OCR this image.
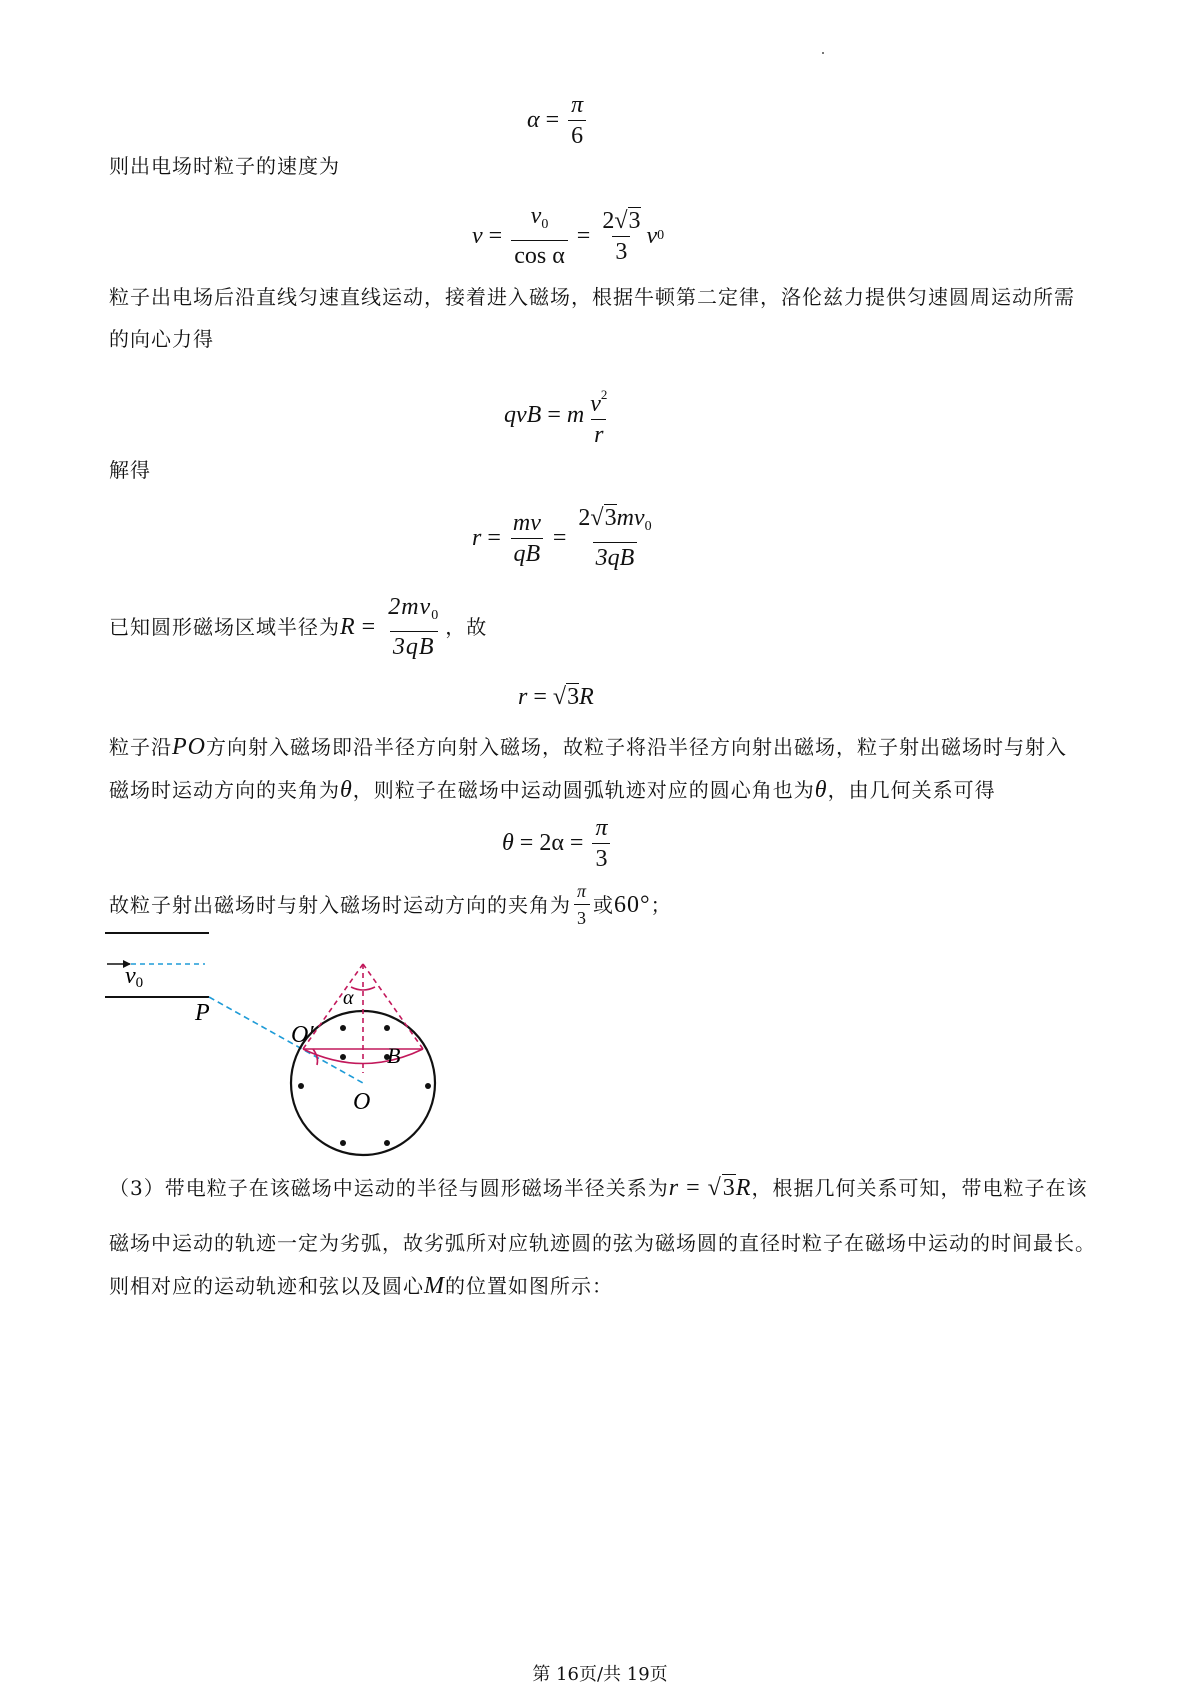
$\alpha = \frac{\pi}{6}$
则出电场时粒子的速度为
$v = \frac{v_0}{\text{cos α}} = \frac{2√3}{3}$ v 0
粒子出电场后沿直线匀速直线运动，接着进入磁场，根据牛顿第二定律，洛伦兹力提供匀速圆周运动所需
的向心力得
qvB = m $\frac{v^2}{r}$
解得
$r = \frac{mv}{qB} = \frac{2√3mv_0}{3qB}$
已知圆形磁场区域半径为 $R = \frac{2mv_0}{3qB}$ ，故
r = √ 3 R
粒子沿PO方向射入磁场即沿半径方向射入磁场，故粒子将沿半径方向射出磁场，粒子射出磁场时与射入
磁场时运动方向的夹角为θ，则粒子在磁场中运动圆弧轨迹对应的圆心角也为θ，由几何关系可得
$\theta = 2\alpha = \frac{\pi}{3}$
故粒子射出磁场时与射入磁场时运动方向的夹角为 $\frac{\pi}{3}$ 或 60° ；
v0
P
α
O′
B
O
（3）带电粒子在该磁场中运动的半径与圆形磁场半径关系为r = √3R，根据几何关系可知，带电粒子在该
磁场中运动的轨迹一定为劣弧，故劣弧所对应轨迹圆的弦为磁场圆的直径时粒子在磁场中运动的时间最长。
则相对应的运动轨迹和弦以及圆心M的位置如图所示：
第 16页/共 19页
